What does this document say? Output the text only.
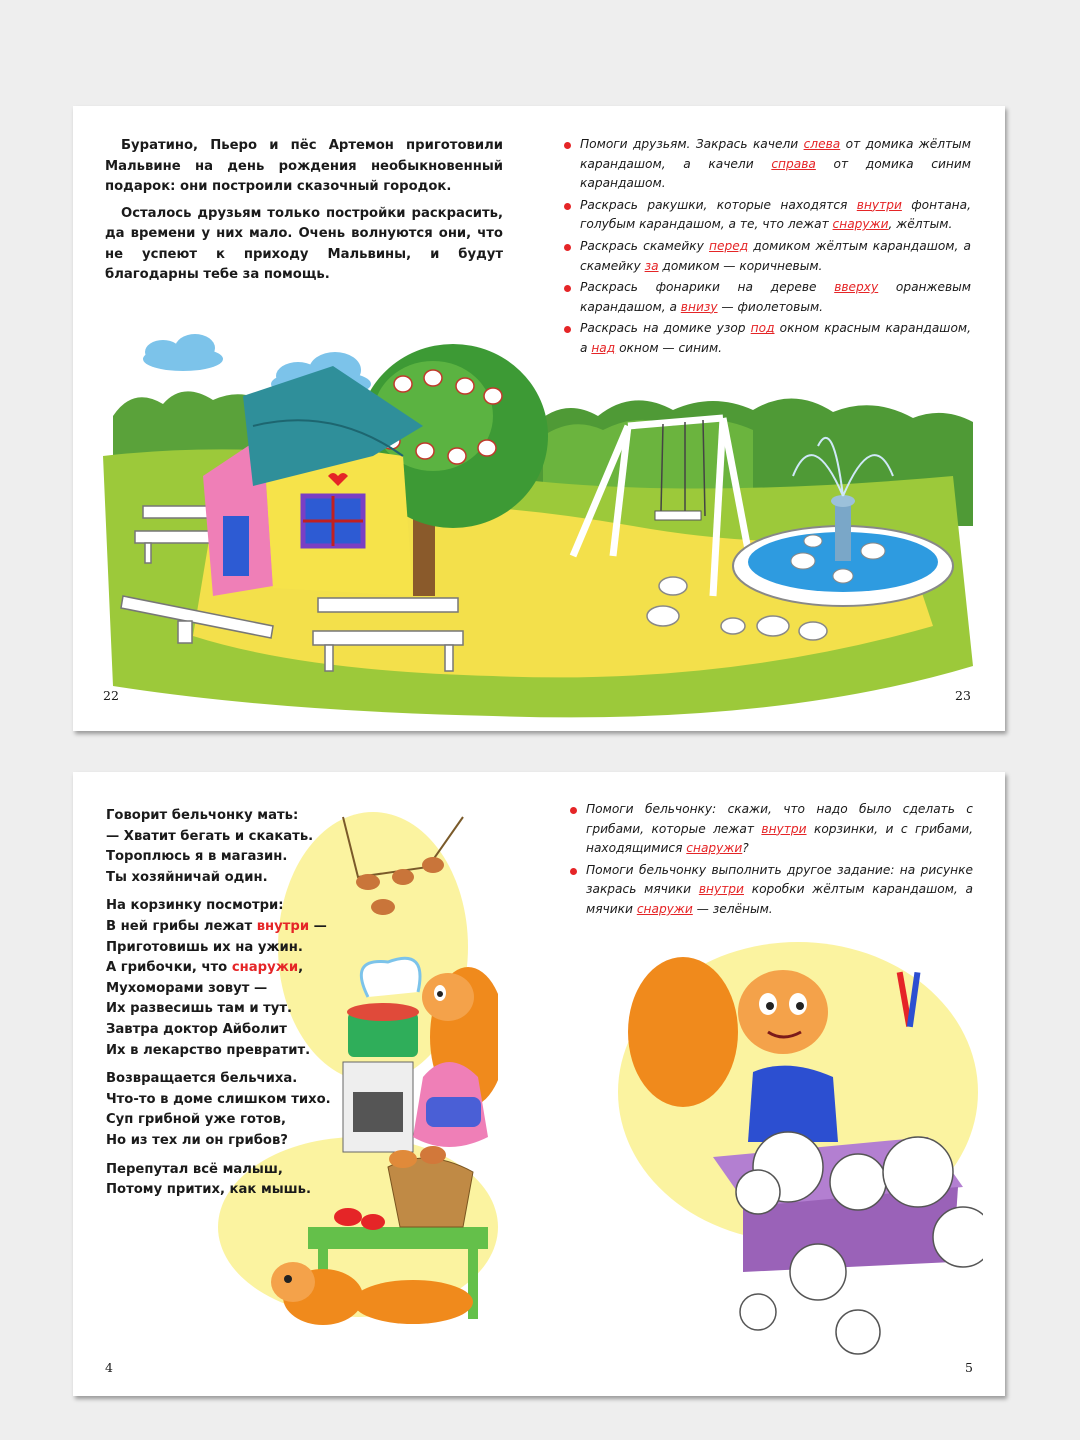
Буратино, Пьеро и пёс Артемон приготовили Мальвине на день рождения необыкновенный подарок: они построили сказочный городок.

Осталось друзьям только постройки раскрасить, да времени у них мало. Очень волнуются они, что не успеют к приходу Мальвины, и будут благодарны тебе за помощь.

Помоги друзьям. Закрась качели слева от домика жёлтым карандашом, а качели справа от домика синим карандашом.
Раскрась ракушки, которые находятся внутри фонтана, голубым карандашом, а те, что лежат снаружи, жёлтым.
Раскрась скамейку перед домиком жёлтым карандашом, а скамейку за домиком — коричневым.
Раскрась фонарики на дереве вверху оранжевым карандашом, а внизу — фиолетовым.
Раскрась на домике узор под окном красным карандашом, а над окном — синим.
22	23
Говорит бельчонку мать:
— Хватит бегать и скакать.
Тороплюсь я в магазин.
Ты хозяйничай один.
На корзинку посмотри:
В ней грибы лежат внутри —
Приготовишь их на ужин.
А грибочки, что снаружи,
Мухоморами зовут —
Их развесишь там и тут.
Завтра доктор Айболит
Их в лекарство превратит.
Возвращается бельчиха.
Что-то в доме слишком тихо.
Суп грибной уже готов,
Но из тех ли он грибов?
Перепутал всё малыш,
Потому притих, как мышь.
Помоги бельчонку: скажи, что надо было сделать с грибами, которые лежат внутри корзинки, и с грибами, находящимися снаружи?
Помоги бельчонку выполнить другое задание: на рисунке закрась мячики внутри коробки жёлтым карандашом, а мячики снаружи — зелёным.
4	5
